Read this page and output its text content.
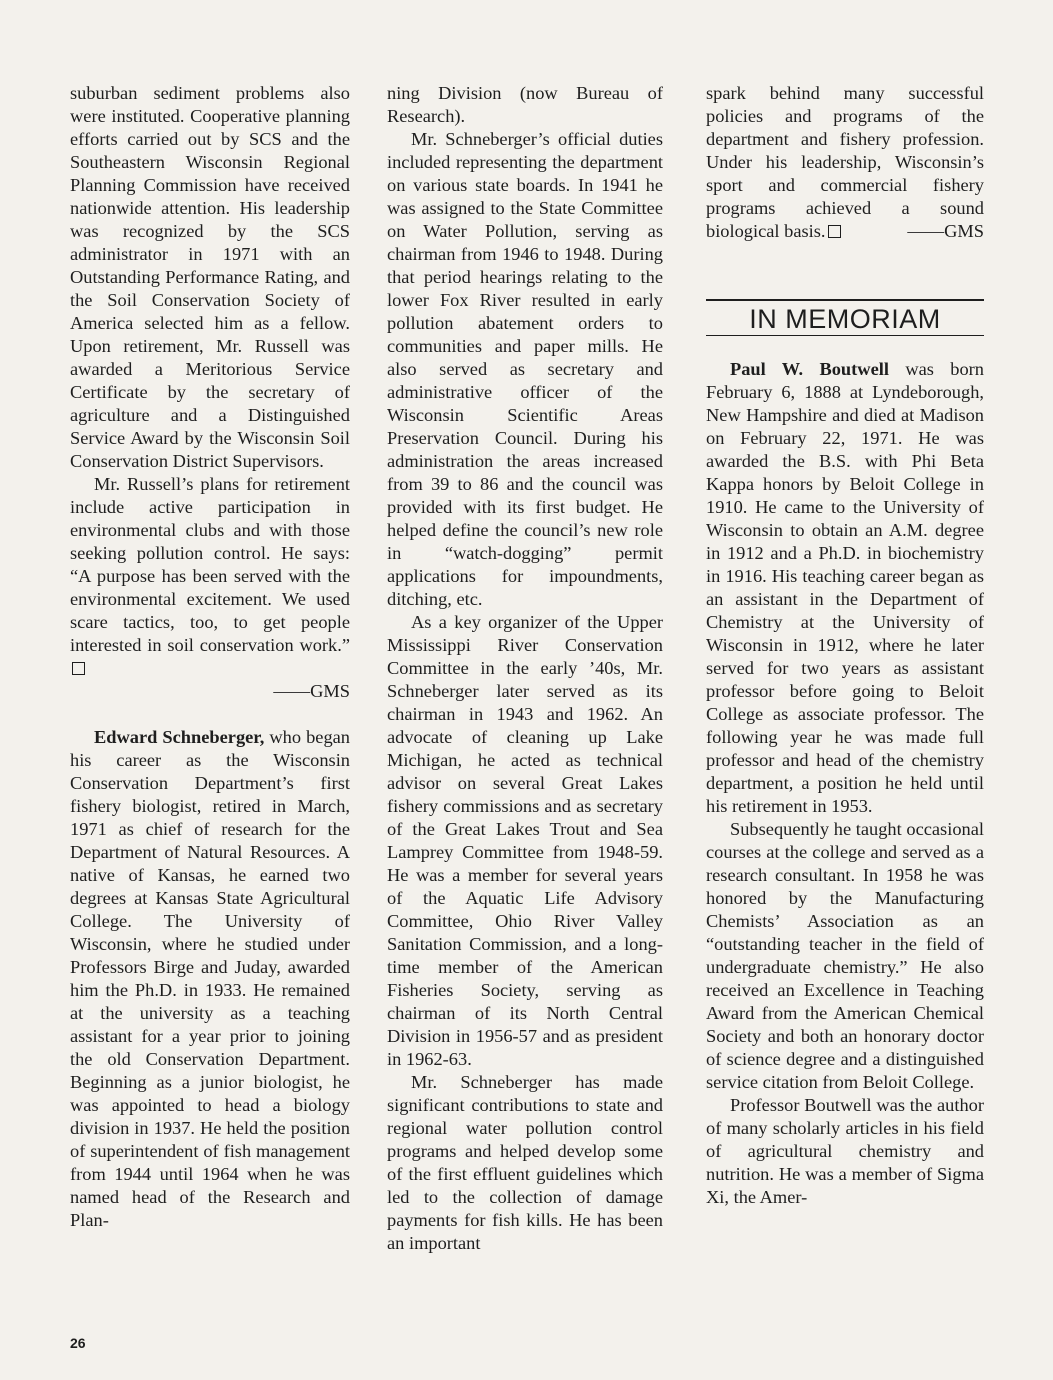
suburban sediment problems also were instituted. Cooperative planning efforts carried out by SCS and the Southeastern Wisconsin Regional Planning Commission have received nationwide attention. His leadership was recognized by the SCS administrator in 1971 with an Outstanding Performance Rating, and the Soil Conservation Society of America selected him as a fellow. Upon retirement, Mr. Russell was awarded a Meritorious Service Certificate by the secretary of agriculture and a Distinguished Service Award by the Wisconsin Soil Conservation District Supervisors.

Mr. Russell’s plans for retirement include active participation in environmental clubs and with those seeking pollution control. He says: “A purpose has been served with the environmental excitement. We used scare tactics, too, to get people interested in soil conservation work.”

——GMS

Edward Schneberger, who began his career as the Wisconsin Conservation Department’s first fishery biologist, retired in March, 1971 as chief of research for the Department of Natural Resources. A native of Kansas, he earned two degrees at Kansas State Agricultural College. The University of Wisconsin, where he studied under Professors Birge and Juday, awarded him the Ph.D. in 1933. He remained at the university as a teaching assistant for a year prior to joining the old Conservation Department. Beginning as a junior biologist, he was appointed to head a biology division in 1937. He held the position of superintendent of fish management from 1944 until 1964 when he was named head of the Research and Plan-

ning Division (now Bureau of Research).

Mr. Schneberger’s official duties included representing the department on various state boards. In 1941 he was assigned to the State Committee on Water Pollution, serving as chairman from 1946 to 1948. During that period hearings relating to the lower Fox River resulted in early pollution abatement orders to communities and paper mills. He also served as secretary and administrative officer of the Wisconsin Scientific Areas Preservation Council. During his administration the areas increased from 39 to 86 and the council was provided with its first budget. He helped define the council’s new role in “watch-dogging” permit applications for impoundments, ditching, etc.

As a key organizer of the Upper Mississippi River Conservation Committee in the early ’40s, Mr. Schneberger later served as its chairman in 1943 and 1962. An advocate of cleaning up Lake Michigan, he acted as technical advisor on several Great Lakes fishery commissions and as secretary of the Great Lakes Trout and Sea Lamprey Committee from 1948-59. He was a member for several years of the Aquatic Life Advisory Committee, Ohio River Valley Sanitation Commission, and a long-time member of the American Fisheries Society, serving as chairman of its North Central Division in 1956-57 and as president in 1962-63.

Mr. Schneberger has made significant contributions to state and regional water pollution control programs and helped develop some of the first effluent guidelines which led to the collection of damage payments for fish kills. He has been an important

spark behind many successful policies and programs of the department and fishery profession. Under his leadership, Wisconsin’s sport and commercial fishery programs achieved a sound biological basis.	——GMS

IN MEMORIAM

Paul W. Boutwell was born February 6, 1888 at Lyndeborough, New Hampshire and died at Madison on February 22, 1971. He was awarded the B.S. with Phi Beta Kappa honors by Beloit College in 1910. He came to the University of Wisconsin to obtain an A.M. degree in 1912 and a Ph.D. in biochemistry in 1916. His teaching career began as an assistant in the Department of Chemistry at the University of Wisconsin in 1912, where he later served for two years as assistant professor before going to Beloit College as associate professor. The following year he was made full professor and head of the chemistry department, a position he held until his retirement in 1953.

Subsequently he taught occasional courses at the college and served as a research consultant. In 1958 he was honored by the Manufacturing Chemists’ Association as an “outstanding teacher in the field of undergraduate chemistry.” He also received an Excellence in Teaching Award from the American Chemical Society and both an honorary doctor of science degree and a distinguished service citation from Beloit College.

Professor Boutwell was the author of many scholarly articles in his field of agricultural chemistry and nutrition. He was a member of Sigma Xi, the Amer-

26
